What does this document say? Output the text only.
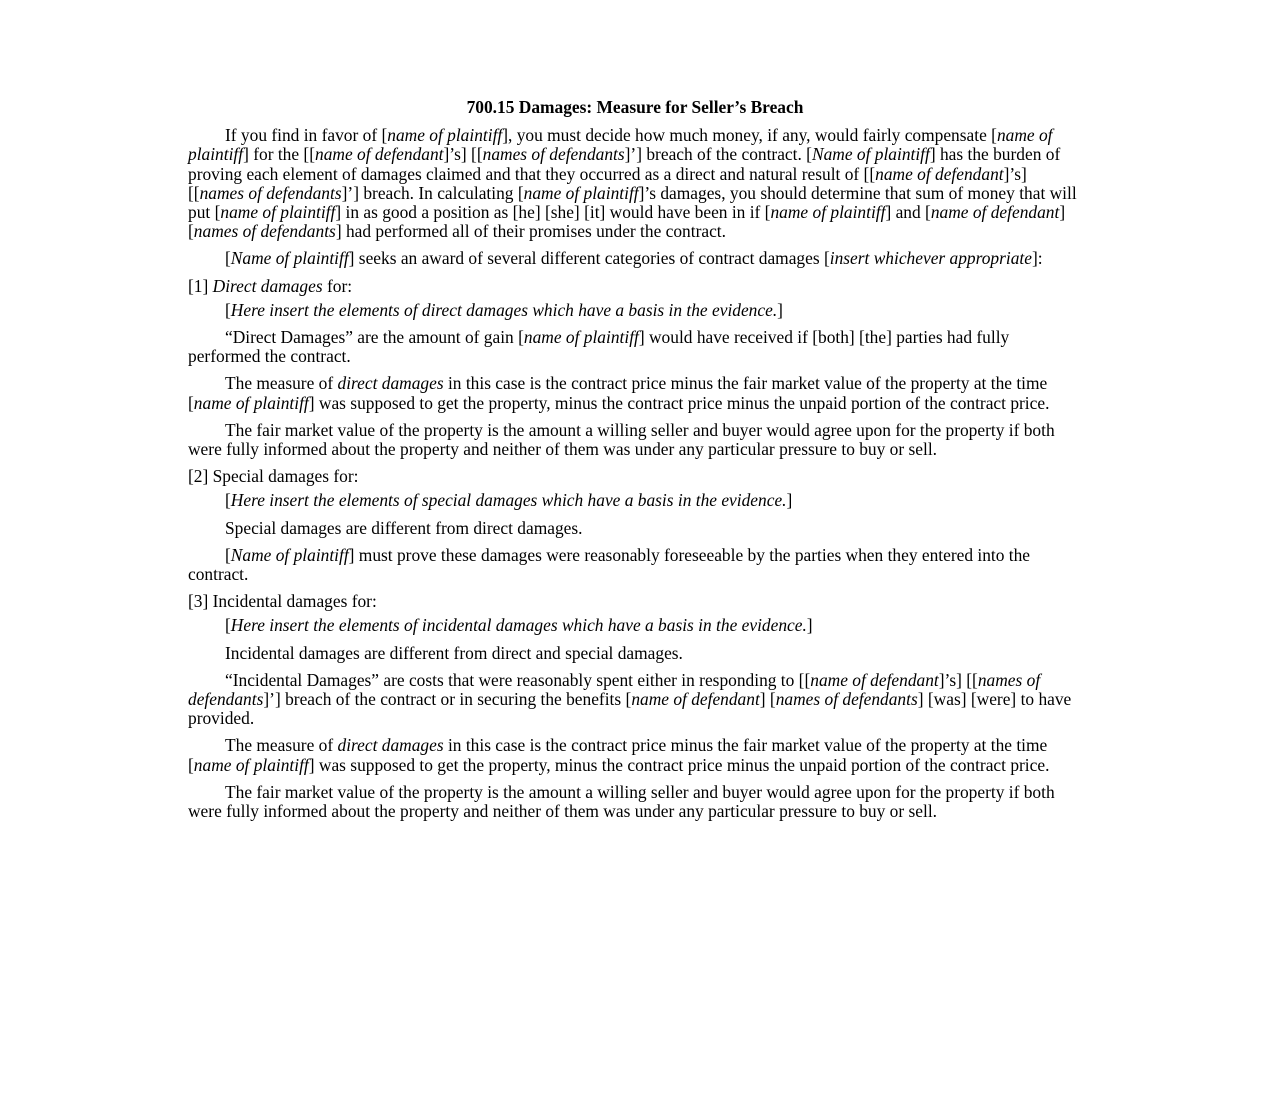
700.15 Damages: Measure for Seller’s Breach

If you find in favor of [name of plaintiff], you must decide how much money, if any, would fairly compensate [name of plaintiff] for the [[name of defendant]’s] [[names of defendants]’] breach of the contract. [Name of plaintiff] has the burden of proving each element of damages claimed and that they occurred as a direct and natural result of [[name of defendant]’s] [[names of defendants]’] breach. In calculating [name of plaintiff]’s damages, you should determine that sum of money that will put [name of plaintiff] in as good a position as [he] [she] [it] would have been in if [name of plaintiff] and [name of defendant] [names of defendants] had performed all of their promises under the contract.

[Name of plaintiff] seeks an award of several different categories of contract damages [insert whichever appropriate]:

[1] Direct damages for:

[Here insert the elements of direct damages which have a basis in the evidence.]

“Direct Damages” are the amount of gain [name of plaintiff] would have received if [both] [the] parties had fully performed the contract.

The measure of direct damages in this case is the contract price minus the fair market value of the property at the time [name of plaintiff] was supposed to get the property, minus the contract price minus the unpaid portion of the contract price.

The fair market value of the property is the amount a willing seller and buyer would agree upon for the property if both were fully informed about the property and neither of them was under any particular pressure to buy or sell.

[2] Special damages for:

[Here insert the elements of special damages which have a basis in the evidence.]

Special damages are different from direct damages.

[Name of plaintiff] must prove these damages were reasonably foreseeable by the parties when they entered into the contract.

[3] Incidental damages for:

[Here insert the elements of incidental damages which have a basis in the evidence.]

Incidental damages are different from direct and special damages.

“Incidental Damages” are costs that were reasonably spent either in responding to [[name of defendant]’s] [[names of defendants]’] breach of the contract or in securing the benefits [name of defendant] [names of defendants] [was] [were] to have provided.

The measure of direct damages in this case is the contract price minus the fair market value of the property at the time [name of plaintiff] was supposed to get the property, minus the contract price minus the unpaid portion of the contract price.

The fair market value of the property is the amount a willing seller and buyer would agree upon for the property if both were fully informed about the property and neither of them was under any particular pressure to buy or sell.
